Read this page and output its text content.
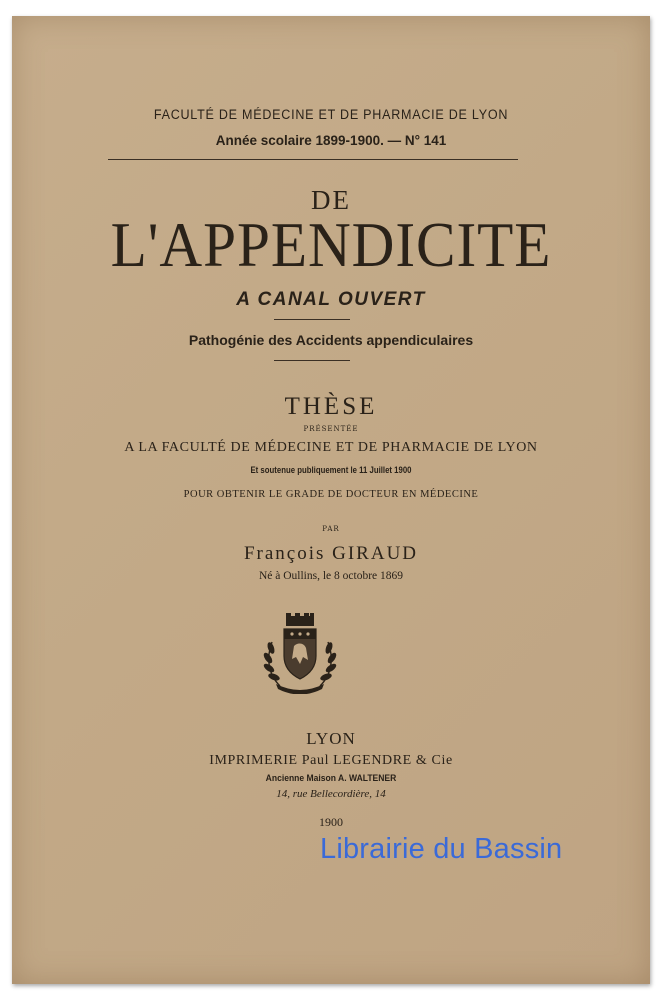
FACULTÉ DE MÉDECINE ET DE PHARMACIE DE LYON
Année scolaire 1899-1900. — N° 141
DE
L'APPENDICITE
A CANAL OUVERT
Pathogénie des Accidents appendiculaires
THÈSE
PRÉSENTÉE
A LA FACULTÉ DE MÉDECINE ET DE PHARMACIE DE LYON
Et soutenue publiquement le 11 Juillet 1900
POUR OBTENIR LE GRADE DE DOCTEUR EN MÉDECINE
PAR
François GIRAUD
Né à Oullins, le 8 octobre 1869
LYON
IMPRIMERIE Paul LEGENDRE & Cie
Ancienne Maison A. WALTENER
14, rue Bellecordière, 14
1900
Librairie du Bassin
